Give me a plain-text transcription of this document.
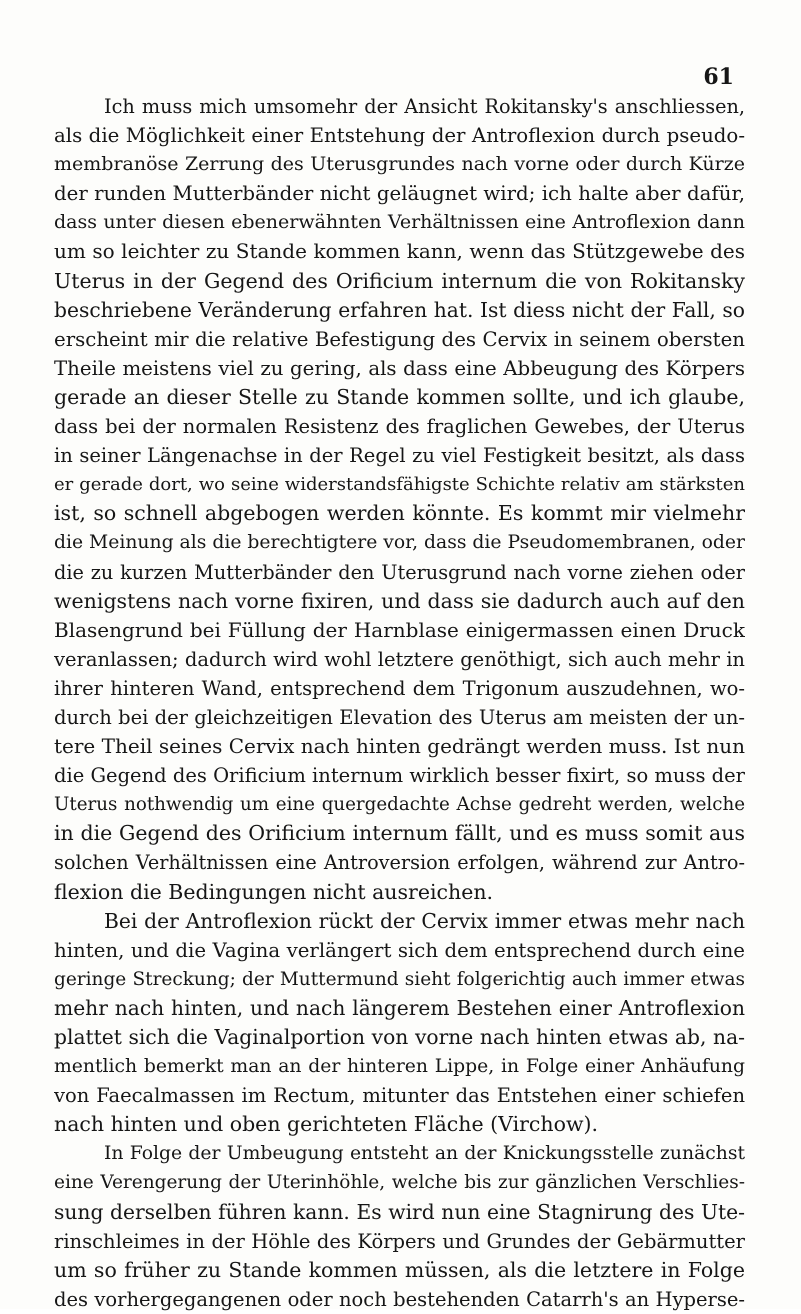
61
Ich muss mich umsomehr der Ansicht Rokitansky's anschliessen,
als die Möglichkeit einer Entstehung der Antroflexion durch pseudo-
membranöse Zerrung des Uterusgrundes nach vorne oder durch Kürze
der runden Mutterbänder nicht geläugnet wird; ich halte aber dafür,
dass unter diesen ebenerwähnten Verhältnissen eine Antroflexion dann
um so leichter zu Stande kommen kann, wenn das Stützgewebe des
Uterus in der Gegend des Orificium internum die von Rokitansky
beschriebene Veränderung erfahren hat. Ist diess nicht der Fall, so
erscheint mir die relative Befestigung des Cervix in seinem obersten
Theile meistens viel zu gering, als dass eine Abbeugung des Körpers
gerade an dieser Stelle zu Stande kommen sollte, und ich glaube,
dass bei der normalen Resistenz des fraglichen Gewebes, der Uterus
in seiner Längenachse in der Regel zu viel Festigkeit besitzt, als dass
er gerade dort, wo seine widerstandsfähigste Schichte relativ am stärksten
ist, so schnell abgebogen werden könnte. Es kommt mir vielmehr
die Meinung als die berechtigtere vor, dass die Pseudomembranen, oder
die zu kurzen Mutterbänder den Uterusgrund nach vorne ziehen oder
wenigstens nach vorne fixiren, und dass sie dadurch auch auf den
Blasengrund bei Füllung der Harnblase einigermassen einen Druck
veranlassen; dadurch wird wohl letztere genöthigt, sich auch mehr in
ihrer hinteren Wand, entsprechend dem Trigonum auszudehnen, wo-
durch bei der gleichzeitigen Elevation des Uterus am meisten der un-
tere Theil seines Cervix nach hinten gedrängt werden muss. Ist nun
die Gegend des Orificium internum wirklich besser fixirt, so muss der
Uterus nothwendig um eine quergedachte Achse gedreht werden, welche
in die Gegend des Orificium internum fällt, und es muss somit aus
solchen Verhältnissen eine Antroversion erfolgen, während zur Antro-
flexion die Bedingungen nicht ausreichen.
Bei der Antroflexion rückt der Cervix immer etwas mehr nach
hinten, und die Vagina verlängert sich dem entsprechend durch eine
geringe Streckung; der Muttermund sieht folgerichtig auch immer etwas
mehr nach hinten, und nach längerem Bestehen einer Antroflexion
plattet sich die Vaginalportion von vorne nach hinten etwas ab, na-
mentlich bemerkt man an der hinteren Lippe, in Folge einer Anhäufung
von Faecalmassen im Rectum, mitunter das Entstehen einer schiefen
nach hinten und oben gerichteten Fläche (Virchow).
In Folge der Umbeugung entsteht an der Knickungsstelle zunächst
eine Verengerung der Uterinhöhle, welche bis zur gänzlichen Verschlies-
sung derselben führen kann. Es wird nun eine Stagnirung des Ute-
rinschleimes in der Höhle des Körpers und Grundes der Gebärmutter
um so früher zu Stande kommen müssen, als die letztere in Folge
des vorhergegangenen oder noch bestehenden Catarrh's an Hyperse-
